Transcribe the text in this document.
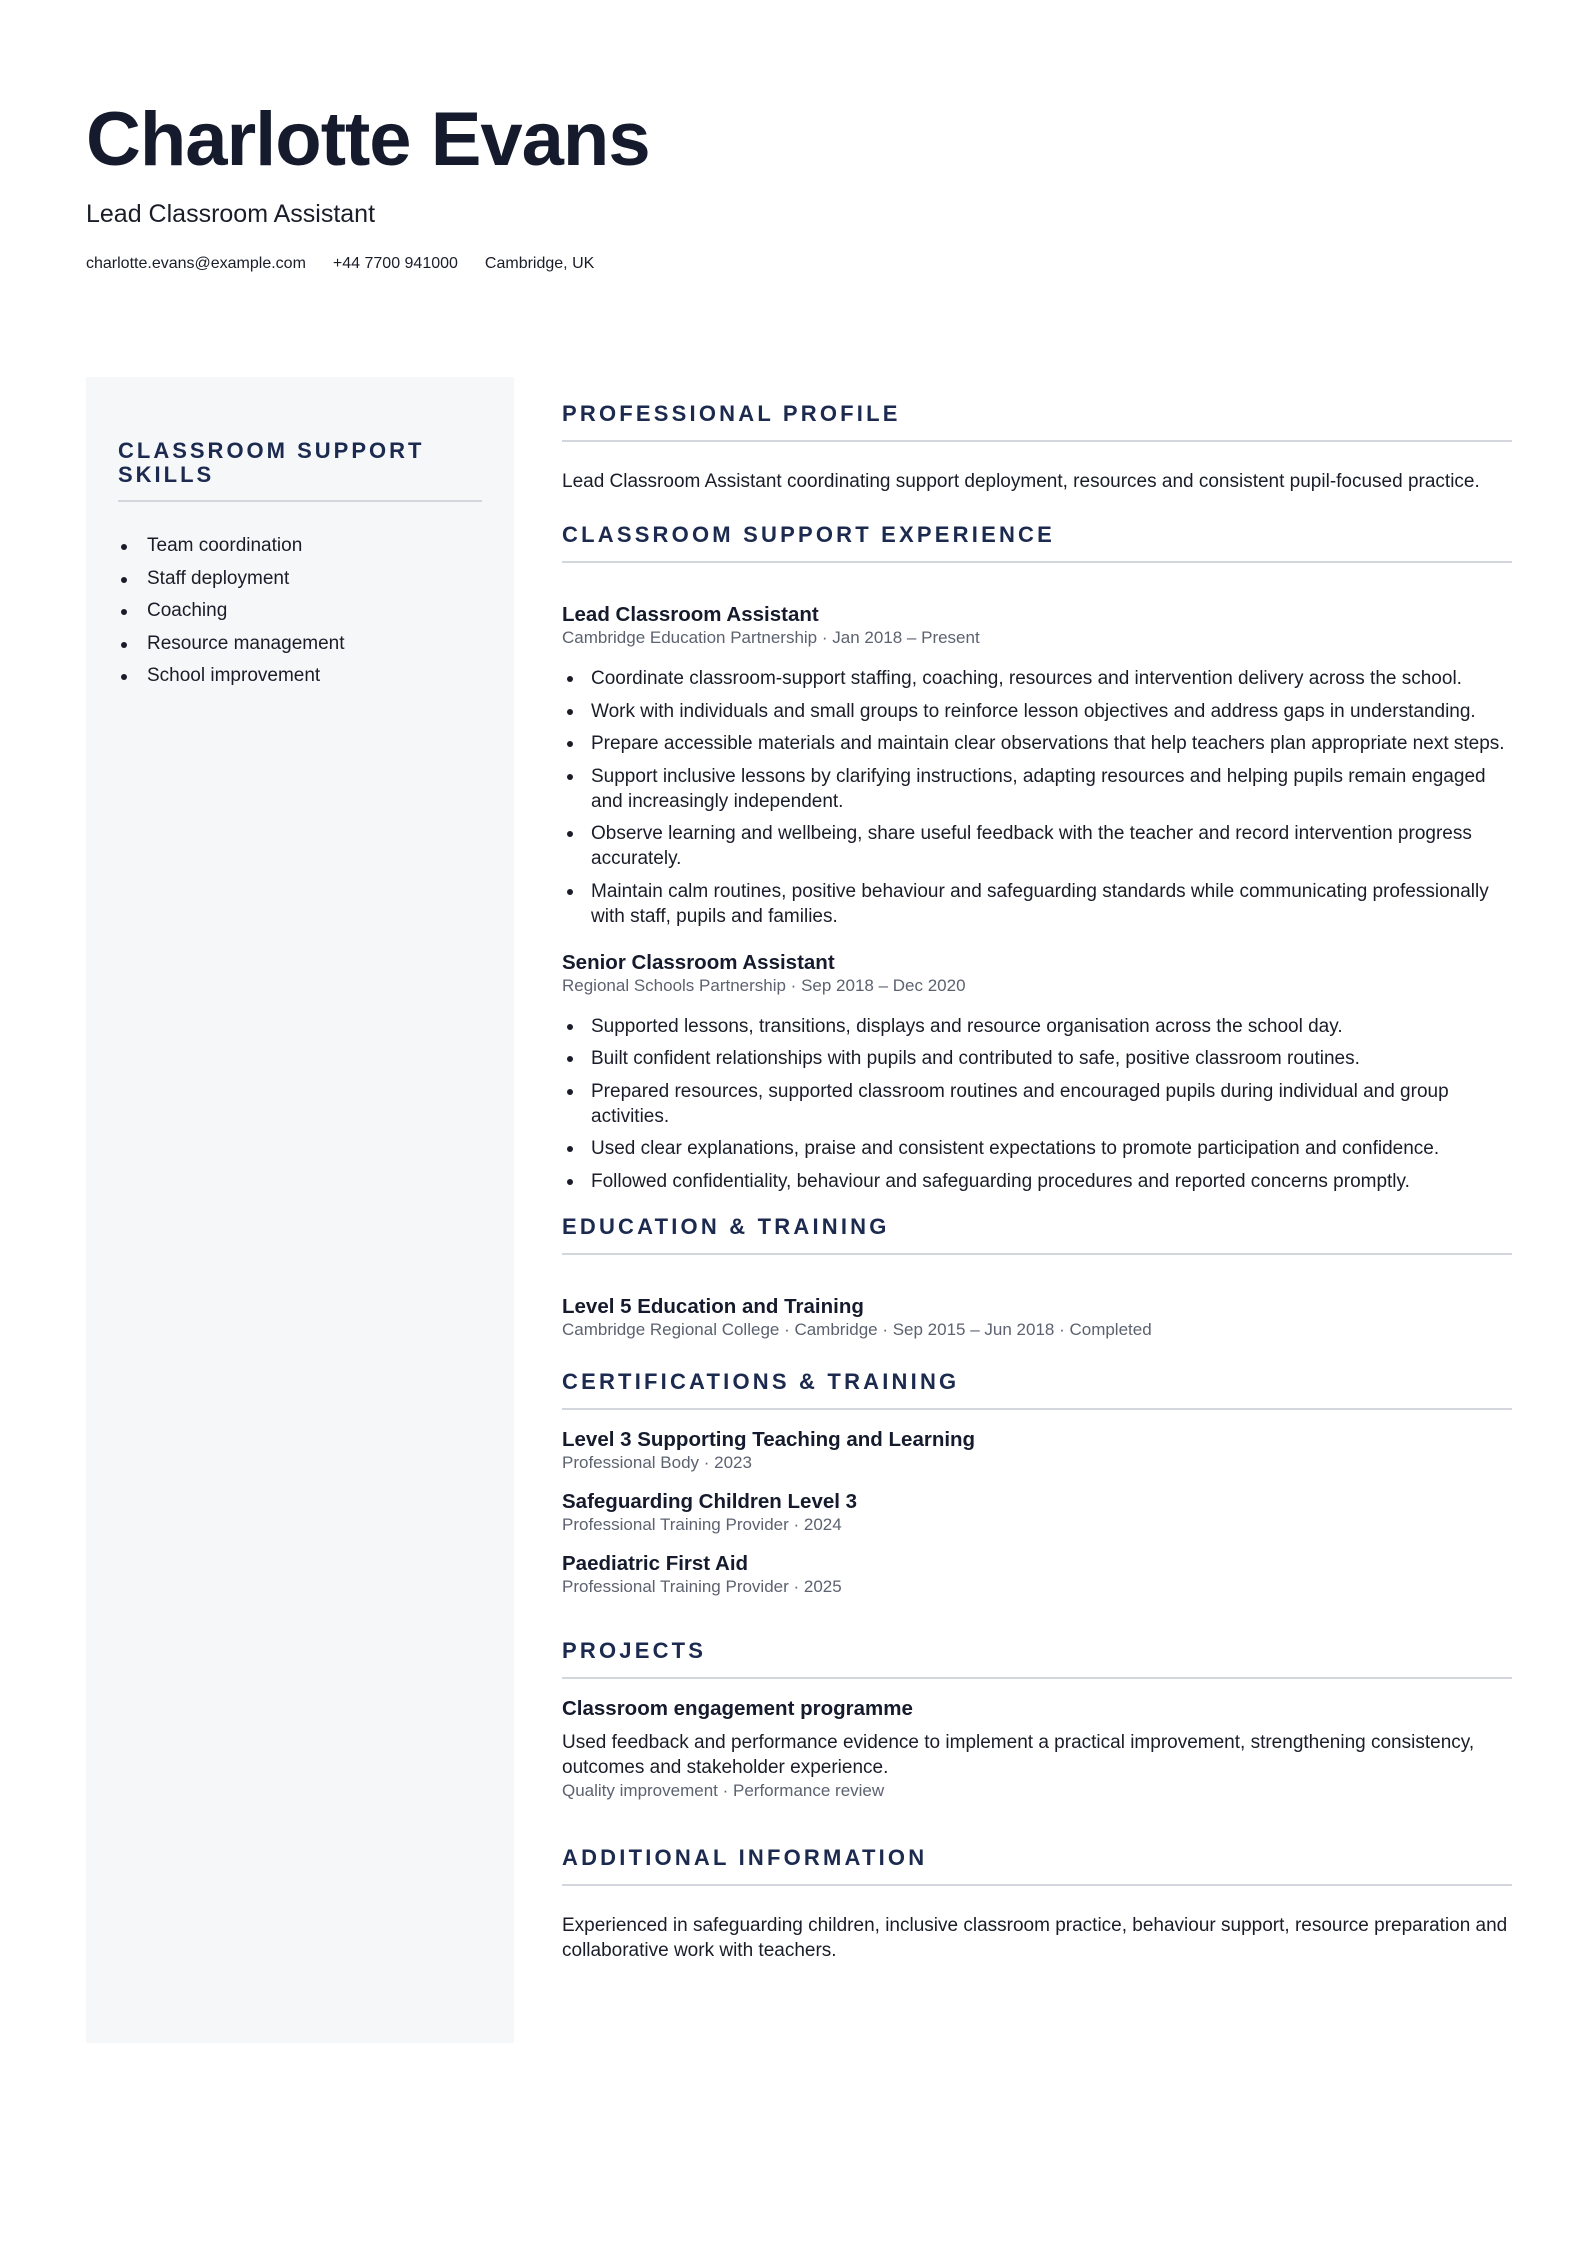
Charlotte Evans
Lead Classroom Assistant
charlotte.evans@example.com +44 7700 941000 Cambridge, UK
CLASSROOM SUPPORT SKILLS
Team coordination
Staff deployment
Coaching
Resource management
School improvement
PROFESSIONAL PROFILE

Lead Classroom Assistant coordinating support deployment, resources and consistent pupil-focused practice.

CLASSROOM SUPPORT EXPERIENCE
Lead Classroom Assistant

Cambridge Education Partnership · Jan 2018 – Present

Coordinate classroom-support staffing, coaching, resources and intervention delivery across the school.
Work with individuals and small groups to reinforce lesson objectives and address gaps in understanding.
Prepare accessible materials and maintain clear observations that help teachers plan appropriate next steps.
Support inclusive lessons by clarifying instructions, adapting resources and helping pupils remain engaged and increasingly independent.
Observe learning and wellbeing, share useful feedback with the teacher and record intervention progress accurately.
Maintain calm routines, positive behaviour and safeguarding standards while communicating professionally with staff, pupils and families.
Senior Classroom Assistant

Regional Schools Partnership · Sep 2018 – Dec 2020

Supported lessons, transitions, displays and resource organisation across the school day.
Built confident relationships with pupils and contributed to safe, positive classroom routines.
Prepared resources, supported classroom routines and encouraged pupils during individual and group activities.
Used clear explanations, praise and consistent expectations to promote participation and confidence.
Followed confidentiality, behaviour and safeguarding procedures and reported concerns promptly.
EDUCATION & TRAINING
Level 5 Education and Training

Cambridge Regional College · Cambridge · Sep 2015 – Jun 2018 · Completed

CERTIFICATIONS & TRAINING
Level 3 Supporting Teaching and Learning

Professional Body · 2023

Safeguarding Children Level 3

Professional Training Provider · 2024

Paediatric First Aid

Professional Training Provider · 2025

PROJECTS
Classroom engagement programme

Used feedback and performance evidence to implement a practical improvement, strengthening consistency, outcomes and stakeholder experience.

Quality improvement · Performance review

ADDITIONAL INFORMATION

Experienced in safeguarding children, inclusive classroom practice, behaviour support, resource preparation and collaborative work with teachers.
